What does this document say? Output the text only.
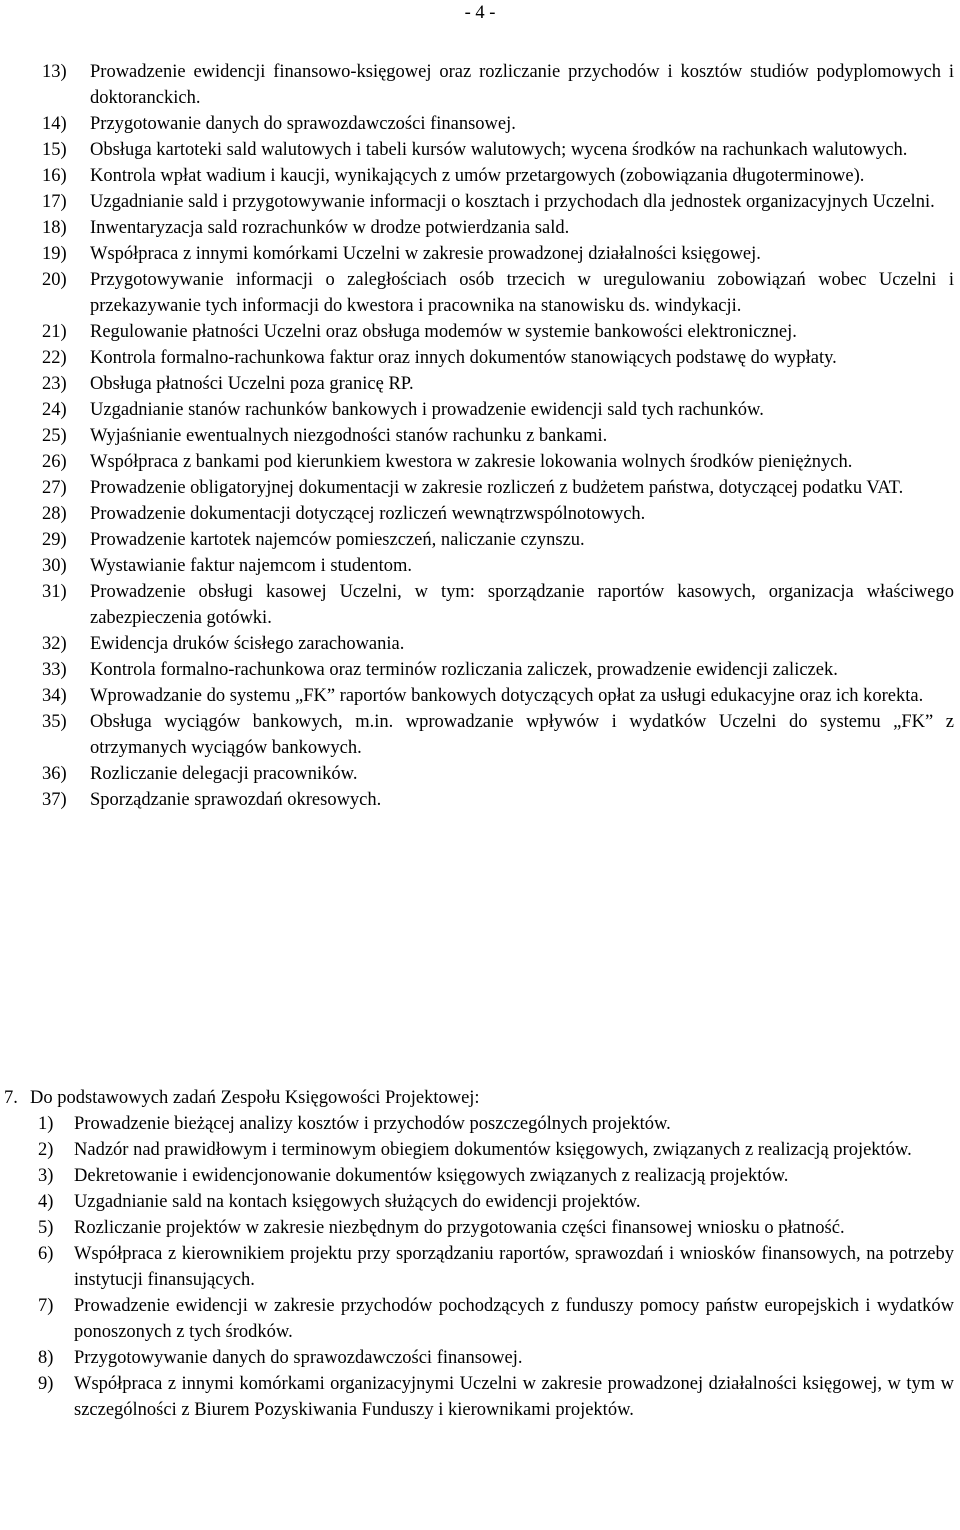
- 4 -
13)	Prowadzenie ewidencji finansowo-księgowej oraz rozliczanie przychodów i kosztów studiów podyplomowych i doktoranckich.
14)	Przygotowanie danych do sprawozdawczości finansowej.
15)	Obsługa kartoteki sald walutowych i tabeli kursów walutowych; wycena środków na rachunkach walutowych.
16)	Kontrola wpłat wadium i kaucji, wynikających z umów przetargowych (zobowiązania długoterminowe).
17)	Uzgadnianie sald i przygotowywanie informacji o kosztach i przychodach dla jednostek organizacyjnych Uczelni.
18)	Inwentaryzacja sald rozrachunków w drodze potwierdzania sald.
19)	Współpraca z innymi komórkami Uczelni w zakresie prowadzonej działalności księgowej.
20)	Przygotowywanie informacji o zaległościach osób trzecich w uregulowaniu zobowiązań wobec Uczelni i przekazywanie tych informacji do kwestora i pracownika na stanowisku ds. windykacji.
21)	Regulowanie płatności Uczelni oraz obsługa modemów w systemie bankowości elektronicznej.
22)	Kontrola formalno-rachunkowa faktur oraz innych dokumentów stanowiących podstawę do wypłaty.
23)	Obsługa płatności Uczelni poza granicę RP.
24)	Uzgadnianie stanów rachunków bankowych i prowadzenie ewidencji sald tych rachunków.
25)	Wyjaśnianie ewentualnych niezgodności stanów rachunku z bankami.
26)	Współpraca z bankami pod kierunkiem kwestora w zakresie lokowania wolnych środków pieniężnych.
27)	Prowadzenie obligatoryjnej dokumentacji w zakresie rozliczeń z budżetem państwa, dotyczącej podatku VAT.
28)	Prowadzenie dokumentacji dotyczącej rozliczeń wewnątrzwspólnotowych.
29)	Prowadzenie kartotek najemców pomieszczeń, naliczanie czynszu.
30)	Wystawianie faktur najemcom i studentom.
31)	Prowadzenie obsługi kasowej Uczelni, w tym: sporządzanie raportów kasowych, organizacja właściwego zabezpieczenia gotówki.
32)	Ewidencja druków ścisłego zarachowania.
33)	Kontrola formalno-rachunkowa oraz terminów rozliczania zaliczek, prowadzenie ewidencji zaliczek.
34)	Wprowadzanie do systemu „FK” raportów bankowych dotyczących opłat za usługi edukacyjne oraz ich korekta.
35)	Obsługa wyciągów bankowych, m.in. wprowadzanie wpływów i wydatków Uczelni do systemu „FK” z otrzymanych wyciągów bankowych.
36)	Rozliczanie delegacji pracowników.
37)	Sporządzanie sprawozdań okresowych.
7. Do podstawowych zadań Zespołu Księgowości Projektowej:
1)	Prowadzenie bieżącej analizy kosztów i przychodów poszczególnych projektów.
2)	Nadzór nad prawidłowym i terminowym obiegiem dokumentów księgowych, związanych z realizacją projektów.
3)	Dekretowanie i ewidencjonowanie dokumentów księgowych związanych z realizacją projektów.
4)	Uzgadnianie sald na kontach księgowych służących do ewidencji projektów.
5)	Rozliczanie projektów w zakresie niezbędnym do przygotowania części finansowej wniosku o płatność.
6)	Współpraca z kierownikiem projektu przy sporządzaniu raportów, sprawozdań i wniosków finansowych, na potrzeby instytucji finansujących.
7)	Prowadzenie ewidencji w zakresie przychodów pochodzących z funduszy pomocy państw europejskich i wydatków ponoszonych z tych środków.
8)	Przygotowywanie danych do sprawozdawczości finansowej.
9)	Współpraca z innymi komórkami organizacyjnymi Uczelni w zakresie prowadzonej działalności księgowej, w tym w szczególności z Biurem Pozyskiwania Funduszy i kierownikami projektów.
